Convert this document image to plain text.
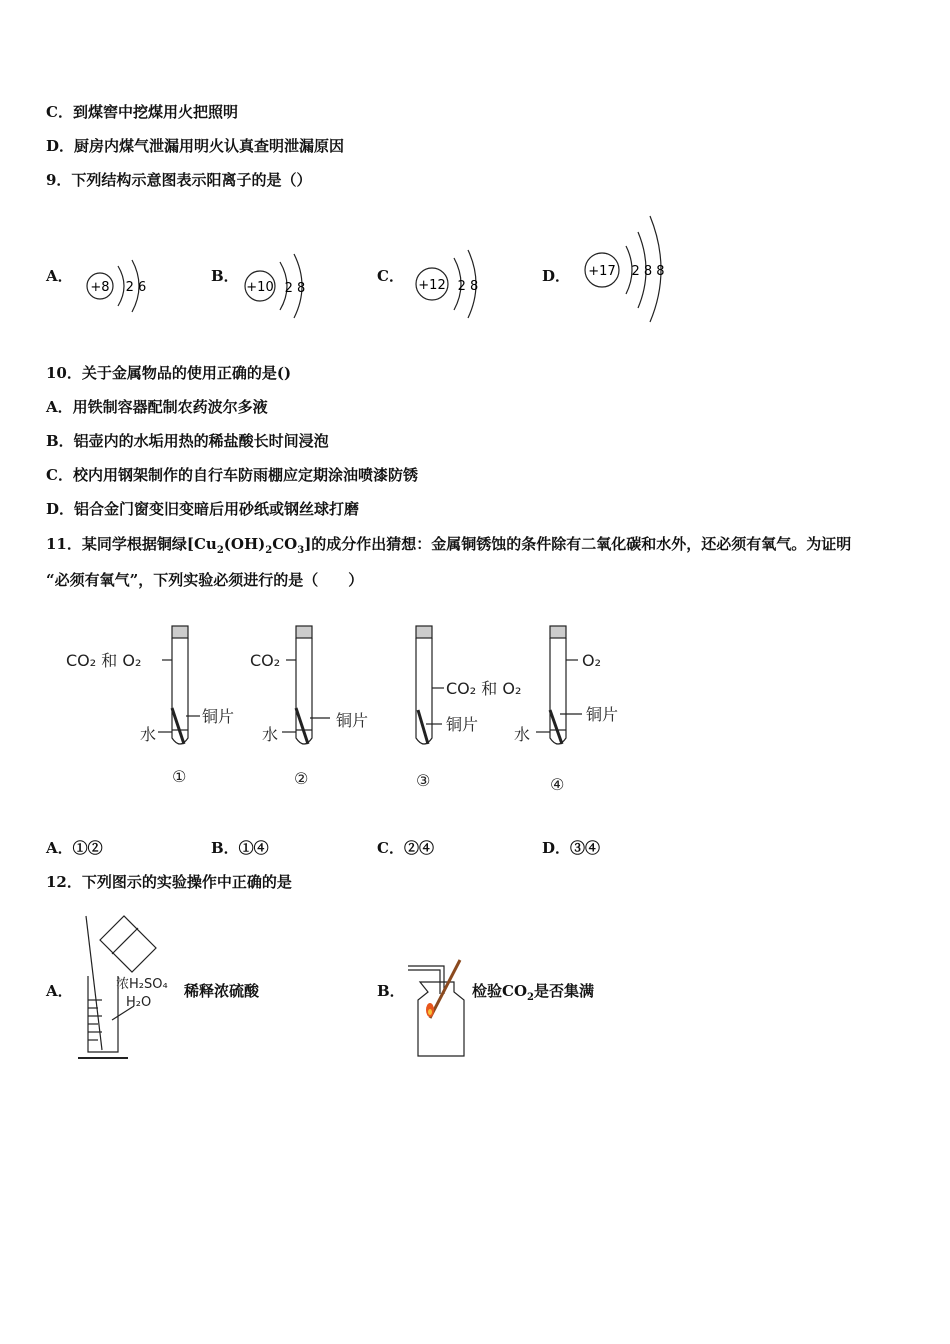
C．到煤窖中挖煤用火把照明
D．厨房内煤气泄漏用明火认真查明泄漏原因
9．下列结构示意图表示阳离子的是（）
A．
+8 2 6
B．
+10 2 8
C．
+12 2 8
D． +17 2 8 8
10．关于金属物品的使用正确的是()
A．用铁制容器配制农药波尔多液
B．铝壶内的水垢用热的稀盐酸长时间浸泡
C．校内用钢架制作的自行车防雨棚应定期涂油喷漆防锈
D．铝合金门窗变旧变暗后用砂纸或钢丝球打磨
11．某同学根据铜绿$[Cu_2(OH)_2CO_3]$的成分作出猜想：金属铜锈蚀的条件除有二氧化碳和水外，还必须有氧气。为证明
“必须有氧气”，下列实验必须进行的是（　　）
CO₂ 和 O₂
铜片
水
①
CO₂
铜片
水
②
CO₂ 和 O₂
铜片
③
O₂
铜片
水
④
A．①②	B．①④	C．②④	D．③④
12．下列图示的实验操作中正确的是
A．	浓H₂SO₄
H₂O
稀释浓硫酸	B．	检验$CO_2$是否集满
